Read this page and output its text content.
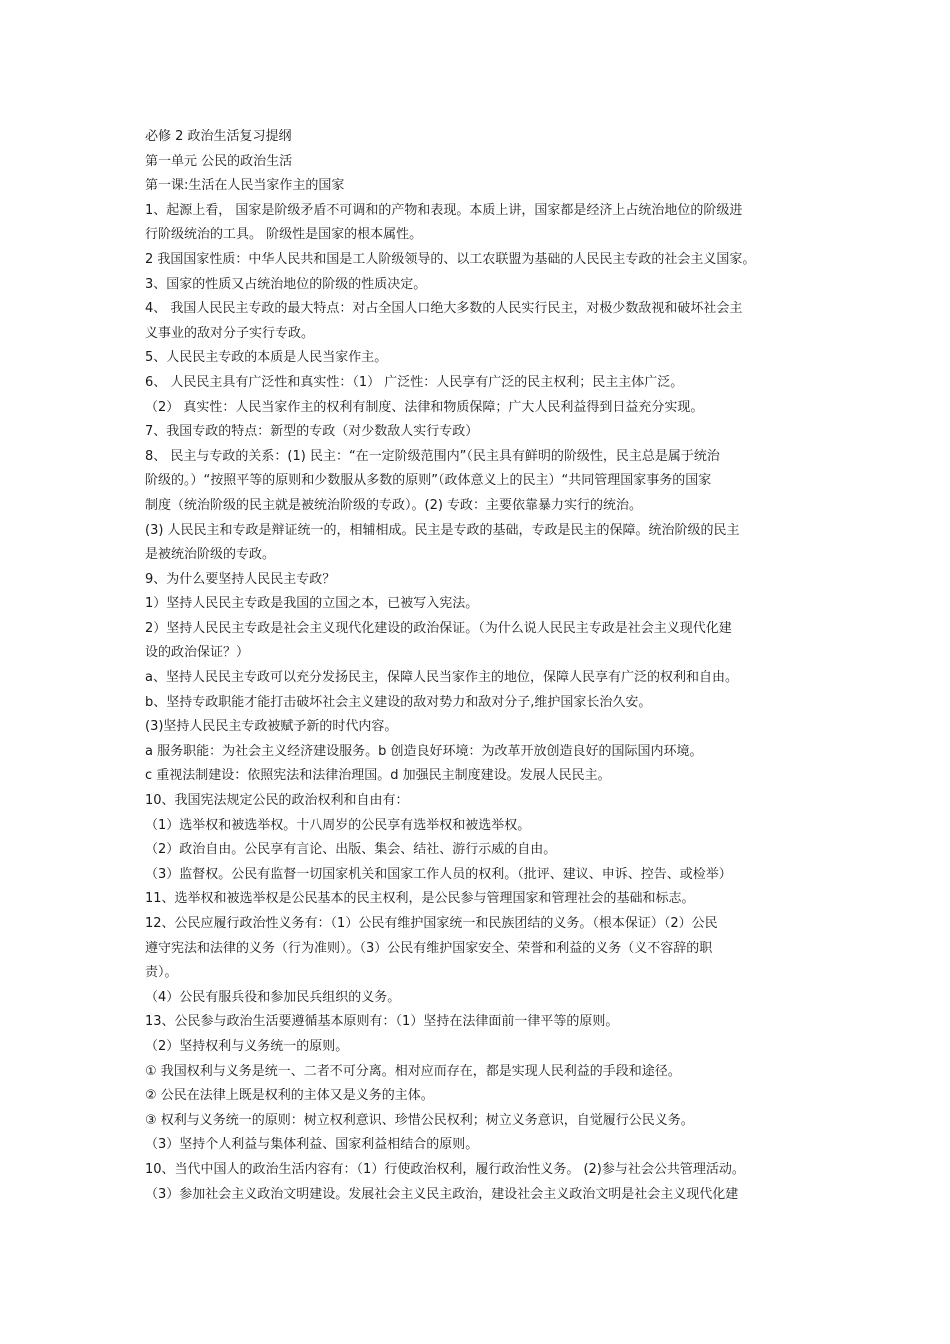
必修 2 政治生活复习提纲
第一单元 公民的政治生活
第一课:生活在人民当家作主的国家
1、起源上看， 国家是阶级矛盾不可调和的产物和表现。本质上讲，国家都是经济上占统治地位的阶级进
行阶级统治的工具。 阶级性是国家的根本属性。
2 我国国家性质：中华人民共和国是工人阶级领导的、以工农联盟为基础的人民民主专政的社会主义国家。
3、国家的性质又占统治地位的阶级的性质决定。
4、 我国人民民主专政的最大特点：对占全国人口绝大多数的人民实行民主，对极少数敌视和破坏社会主
义事业的敌对分子实行专政。
5、人民民主专政的本质是人民当家作主。
6、 人民民主具有广泛性和真实性：（1） 广泛性：人民享有广泛的民主权利；民主主体广泛。
（2） 真实性：人民当家作主的权利有制度、法律和物质保障；广大人民利益得到日益充分实现。
7、我国专政的特点：新型的专政（对少数敌人实行专政）
8、 民主与专政的关系：(1) 民主：“在一定阶级范围内”（民主具有鲜明的阶级性，民主总是属于统治
阶级的。）“按照平等的原则和少数服从多数的原则”（政体意义上的民主）“共同管理国家事务的国家
制度（统治阶级的民主就是被统治阶级的专政）。(2) 专政：主要依靠暴力实行的统治。
(3) 人民民主和专政是辩证统一的，相辅相成。民主是专政的基础，专政是民主的保障。统治阶级的民主
是被统治阶级的专政。
9、为什么要坚持人民民主专政？
1）坚持人民民主专政是我国的立国之本，已被写入宪法。
2）坚持人民民主专政是社会主义现代化建设的政治保证。（为什么说人民民主专政是社会主义现代化建
设的政治保证？）
a、坚持人民民主专政可以充分发扬民主，保障人民当家作主的地位，保障人民享有广泛的权利和自由。
b、坚持专政职能才能打击破坏社会主义建设的敌对势力和敌对分子,维护国家长治久安。
(3)坚持人民民主专政被赋予新的时代内容。
a 服务职能：为社会主义经济建设服务。b 创造良好环境：为改革开放创造良好的国际国内环境。
c 重视法制建设：依照宪法和法律治理国。d 加强民主制度建设。发展人民民主。
10、我国宪法规定公民的政治权利和自由有：
（1）选举权和被选举权。十八周岁的公民享有选举权和被选举权。
（2）政治自由。公民享有言论、出版、集会、结社、游行示威的自由。
（3）监督权。公民有监督一切国家机关和国家工作人员的权利。（批评、建议、申诉、控告、或检举）
11、选举权和被选举权是公民基本的民主权利，是公民参与管理国家和管理社会的基础和标志。
12、公民应履行政治性义务有：（1）公民有维护国家统一和民族团结的义务。（根本保证）（2）公民
遵守宪法和法律的义务（行为准则）。（3）公民有维护国家安全、荣誉和利益的义务（义不容辞的职
责）。
（4）公民有服兵役和参加民兵组织的义务。
13、公民参与政治生活要遵循基本原则有：（1）坚持在法律面前一律平等的原则。
（2）坚持权利与义务统一的原则。
① 我国权利与义务是统一、二者不可分离。相对应而存在，都是实现人民利益的手段和途径。
② 公民在法律上既是权利的主体又是义务的主体。
③ 权利与义务统一的原则：树立权利意识、珍惜公民权利；树立义务意识，自觉履行公民义务。
（3）坚持个人利益与集体利益、国家利益相结合的原则。
10、当代中国人的政治生活内容有：（1）行使政治权利，履行政治性义务。 (2)参与社会公共管理活动。
（3）参加社会主义政治文明建设。发展社会主义民主政治，建设社会主义政治文明是社会主义现代化建
